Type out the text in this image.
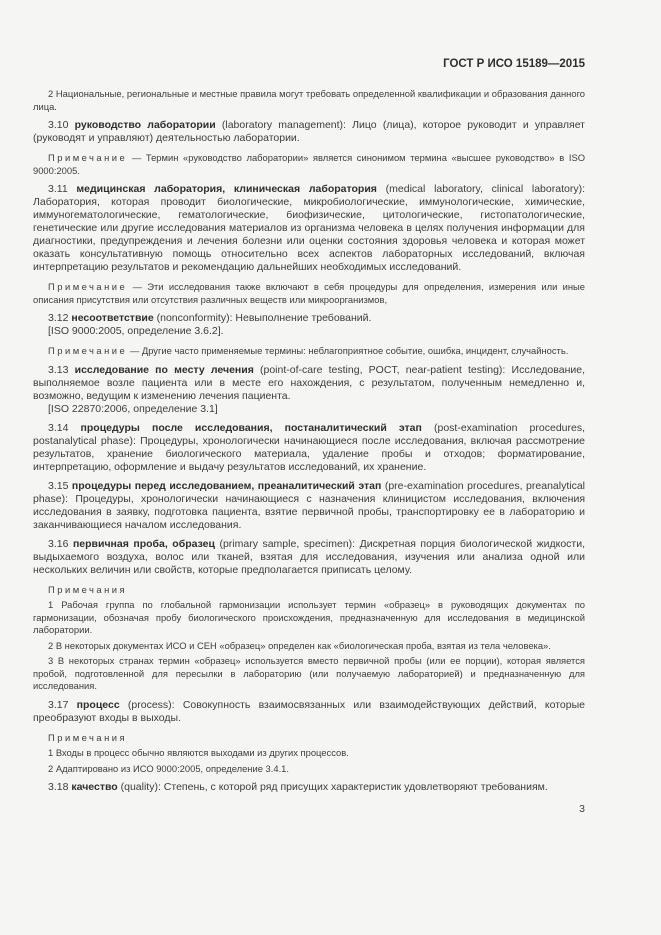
ГОСТ Р ИСО 15189—2015

2 Национальные, региональные и местные правила могут требовать определенной квалификации и образования данного лица.

3.10 руководство лаборатории (laboratory management): Лицо (лица), которое руководит и управляет (руководят и управляют) деятельностью лаборатории.

Примечание — Термин «руководство лаборатории» является синонимом термина «высшее руководство» в ISO 9000:2005.

3.11 медицинская лаборатория, клиническая лаборатория (medical laboratory, clinical laboratory): Лаборатория, которая проводит биологические, микробиологические, иммунологические, химические, иммуногематологические, гематологические, биофизические, цитологические, гистопатологические, генетические или другие исследования материалов из организма человека в целях получения информации для диагностики, предупреждения и лечения болезни или оценки состояния здоровья человека и которая может оказать консультативную помощь относительно всех аспектов лабораторных исследований, включая интерпретацию результатов и рекомендацию дальнейших необходимых исследований.

Примечание — Эти исследования также включают в себя процедуры для определения, измерения или иные описания присутствия или отсутствия различных веществ или микроорганизмов,

3.12 несоответствие (nonconformity): Невыполнение требований.

[ISO 9000:2005, определение 3.6.2].

Примечание — Другие часто применяемые термины: неблагоприятное событие, ошибка, инцидент, случайность.

3.13 исследование по месту лечения (point-of-care testing, POCT, near-patient testing): Исследование, выполняемое возле пациента или в месте его нахождения, с результатом, полученным немедленно и, возможно, ведущим к изменению лечения пациента.

[ISO 22870:2006, определение 3.1]

3.14 процедуры после исследования, постаналитический этап (post-examination procedures, postanalytical phase): Процедуры, хронологически начинающиеся после исследования, включая рассмотрение результатов, хранение биологического материала, удаление пробы и отходов; форматирование, интерпретацию, оформление и выдачу результатов исследований, их хранение.

3.15 процедуры перед исследованием, преаналитический этап (pre-examination procedures, preanalytical phase): Процедуры, хронологически начинающиеся с назначения клиницистом исследования, включения исследования в заявку, подготовка пациента, взятие первичной пробы, транспортировку ее в лабораторию и заканчивающиеся началом исследования.

3.16 первичная проба, образец (primary sample, specimen): Дискретная порция биологической жидкости, выдыхаемого воздуха, волос или тканей, взятая для исследования, изучения или анализа одной или нескольких величин или свойств, которые предполагается приписать целому.

Примечания

1 Рабочая группа по глобальной гармонизации использует термин «образец» в руководящих документах по гармонизации, обозначая пробу биологического происхождения, предназначенную для исследования в медицинской лаборатории.

2 В некоторых документах ИСО и СЕН «образец» определен как «биологическая проба, взятая из тела человека».

3 В некоторых странах термин «образец» используется вместо первичной пробы (или ее порции), которая является пробой, подготовленной для пересылки в лабораторию (или получаемую лабораторией) и предназначенную для исследования.

3.17 процесс (process): Совокупность взаимосвязанных или взаимодействующих действий, которые преобразуют входы в выходы.

Примечания

1 Входы в процесс обычно являются выходами из других процессов.

2 Адаптировано из ИСО 9000:2005, определение 3.4.1.

3.18 качество (quality): Степень, с которой ряд присущих характеристик удовлетворяют требованиям.

3
